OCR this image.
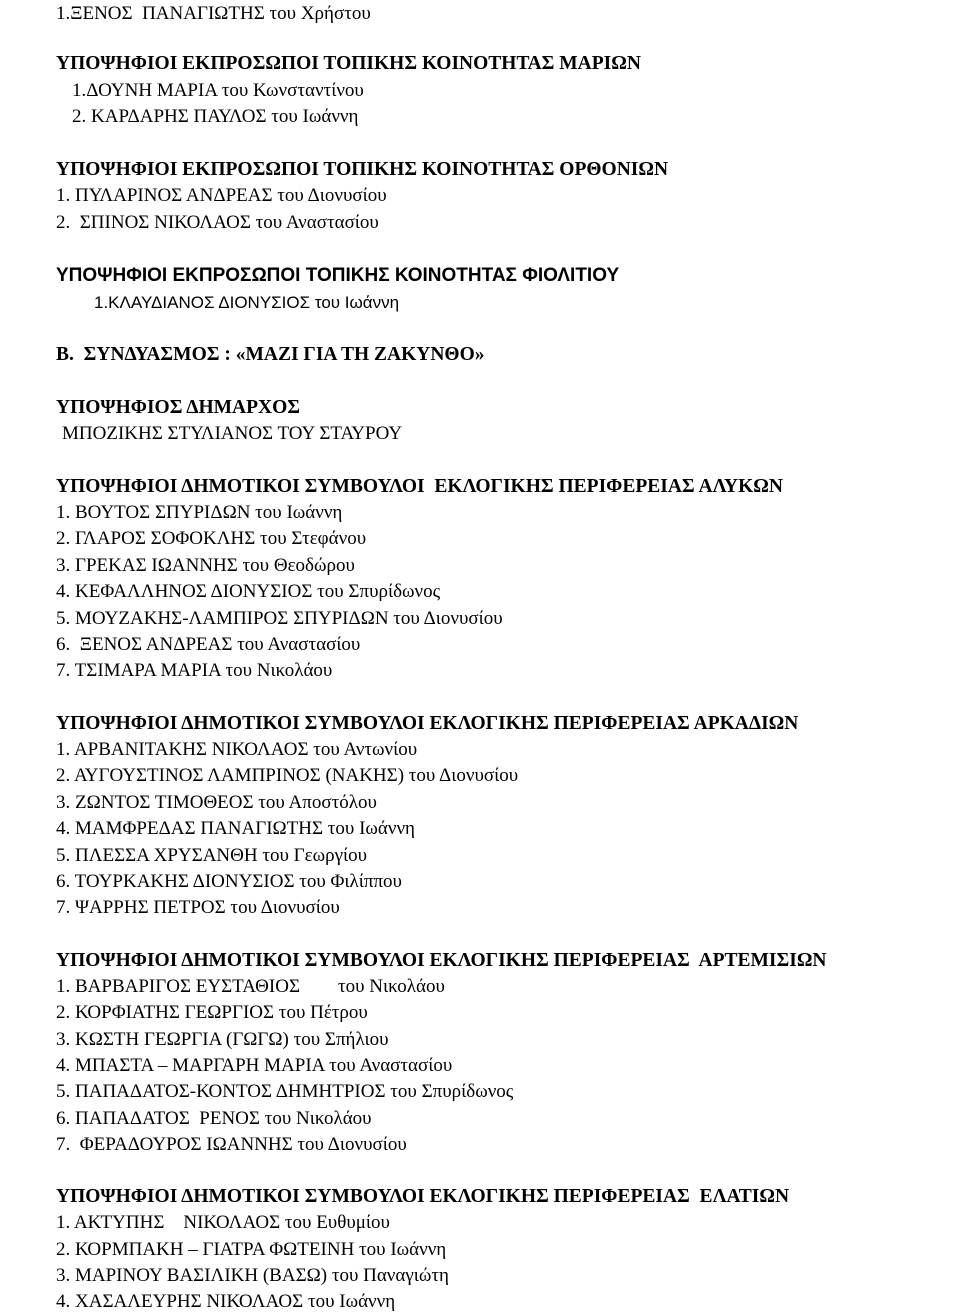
1.ΞΕΝΟΣ  ΠΑΝΑΓΙΩΤΗΣ του Χρήστου
ΥΠΟΨΗΦΙΟΙ ΕΚΠΡΟΣΩΠΟΙ ΤΟΠΙΚΗΣ ΚΟΙΝΟΤΗΤΑΣ ΜΑΡΙΩΝ
1.ΔΟΥΝΗ ΜΑΡΙΑ του Κωνσταντίνου
2. ΚΑΡΔΑΡΗΣ ΠΑΥΛΟΣ του Ιωάννη
ΥΠΟΨΗΦΙΟΙ ΕΚΠΡΟΣΩΠΟΙ ΤΟΠΙΚΗΣ ΚΟΙΝΟΤΗΤΑΣ ΟΡΘΟΝΙΩΝ
1. ΠΥΛΑΡΙΝΟΣ ΑΝΔΡΕΑΣ του Διονυσίου
2.  ΣΠΙΝΟΣ ΝΙΚΟΛΑΟΣ του Αναστασίου
ΥΠΟΨΗΦΙΟΙ ΕΚΠΡΟΣΩΠΟΙ ΤΟΠΙΚΗΣ ΚΟΙΝΟΤΗΤΑΣ ΦΙΟΛΙΤΙΟΥ
1.ΚΛΑΥΔΙΑΝΟΣ ΔΙΟΝΥΣΙΟΣ του Ιωάννη
Β.  ΣΥΝΔΥΑΣΜΟΣ : «ΜΑΖΙ ΓΙΑ ΤΗ ΖΑΚΥΝΘΟ»
ΥΠΟΨΗΦΙΟΣ ΔΗΜΑΡΧΟΣ
ΜΠΟΖΙΚΗΣ ΣΤΥΛΙΑΝΟΣ ΤΟΥ ΣΤΑΥΡΟΥ
ΥΠΟΨΗΦΙΟΙ ΔΗΜΟΤΙΚΟΙ ΣΥΜΒΟΥΛΟΙ  ΕΚΛΟΓΙΚΗΣ ΠΕΡΙΦΕΡΕΙΑΣ ΑΛΥΚΩΝ
1. ΒΟΥΤΟΣ ΣΠΥΡΙΔΩΝ του Ιωάννη
2. ΓΛΑΡΟΣ ΣΟΦΟΚΛΗΣ του Στεφάνου
3. ΓΡΕΚΑΣ ΙΩΑΝΝΗΣ του Θεοδώρου
4. ΚΕΦΑΛΛΗΝΟΣ ΔΙΟΝΥΣΙΟΣ του Σπυρίδωνος
5. ΜΟΥΖΑΚΗΣ-ΛΑΜΠΙΡΟΣ ΣΠΥΡΙΔΩΝ του Διονυσίου
6.  ΞΕΝΟΣ ΑΝΔΡΕΑΣ του Αναστασίου
7. ΤΣΙΜΑΡΑ ΜΑΡΙΑ του Νικολάου
ΥΠΟΨΗΦΙΟΙ ΔΗΜΟΤΙΚΟΙ ΣΥΜΒΟΥΛΟΙ ΕΚΛΟΓΙΚΗΣ ΠΕΡΙΦΕΡΕΙΑΣ ΑΡΚΑΔΙΩΝ
1. ΑΡΒΑΝΙΤΑΚΗΣ ΝΙΚΟΛΑΟΣ του Αντωνίου
2. ΑΥΓΟΥΣΤΙΝΟΣ ΛΑΜΠΡΙΝΟΣ (ΝΑΚΗΣ) του Διονυσίου
3. ΖΩΝΤΟΣ ΤΙΜΟΘΕΟΣ του Αποστόλου
4. ΜΑΜΦΡΕΔΑΣ ΠΑΝΑΓΙΩΤΗΣ του Ιωάννη
5. ΠΛΕΣΣΑ ΧΡΥΣΑΝΘΗ του Γεωργίου
6. ΤΟΥΡΚΑΚΗΣ ΔΙΟΝΥΣΙΟΣ του Φιλίππου
7. ΨΑΡΡΗΣ ΠΕΤΡΟΣ του Διονυσίου
ΥΠΟΨΗΦΙΟΙ ΔΗΜΟΤΙΚΟΙ ΣΥΜΒΟΥΛΟΙ ΕΚΛΟΓΙΚΗΣ ΠΕΡΙΦΕΡΕΙΑΣ  ΑΡΤΕΜΙΣΙΩΝ
1. ΒΑΡΒΑΡΙΓΟΣ ΕΥΣΤΑΘΙΟΣ        του Νικολάου
2. ΚΟΡΦΙΑΤΗΣ ΓΕΩΡΓΙΟΣ του Πέτρου
3. ΚΩΣΤΗ ΓΕΩΡΓΙΑ (ΓΩΓΩ) του Σπήλιου
4. ΜΠΑΣΤΑ – ΜΑΡΓΑΡΗ ΜΑΡΙΑ του Αναστασίου
5. ΠΑΠΑΔΑΤΟΣ-ΚΟΝΤΟΣ ΔΗΜΗΤΡΙΟΣ του Σπυρίδωνος
6. ΠΑΠΑΔΑΤΟΣ  ΡΕΝΟΣ του Νικολάου
7.  ΦΕΡΑΔΟΥΡΟΣ ΙΩΑΝΝΗΣ του Διονυσίου
ΥΠΟΨΗΦΙΟΙ ΔΗΜΟΤΙΚΟΙ ΣΥΜΒΟΥΛΟΙ ΕΚΛΟΓΙΚΗΣ ΠΕΡΙΦΕΡΕΙΑΣ  ΕΛΑΤΙΩΝ
1. ΑΚΤΥΠΗΣ    ΝΙΚΟΛΑΟΣ του Ευθυμίου
2. ΚΟΡΜΠΑΚΗ – ΓΙΑΤΡΑ ΦΩΤΕΙΝΗ του Ιωάννη
3. ΜΑΡΙΝΟΥ ΒΑΣΙΛΙΚΗ (ΒΑΣΩ) του Παναγιώτη
4. ΧΑΣΑΛΕΥΡΗΣ ΝΙΚΟΛΑΟΣ του Ιωάννη
